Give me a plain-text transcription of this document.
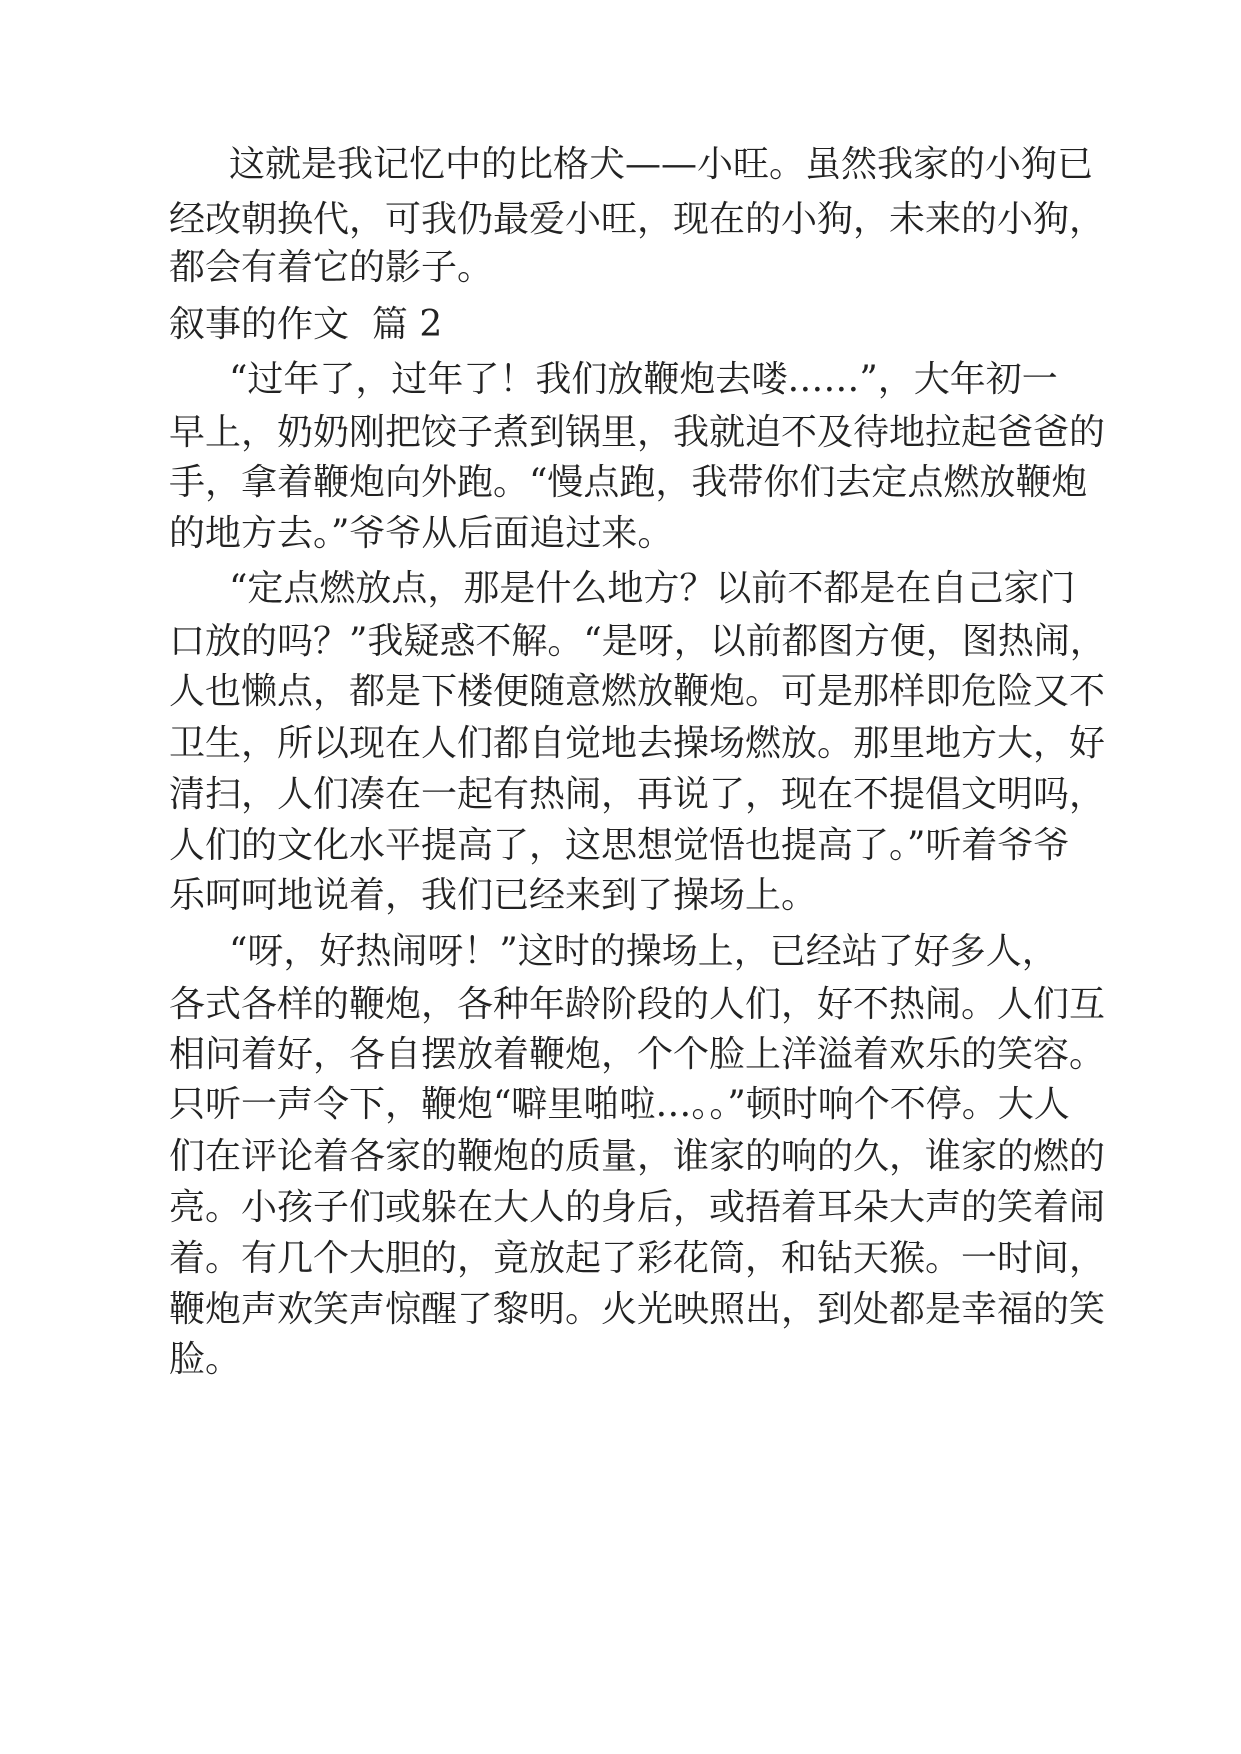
这就是我记忆中的比格犬——小旺。虽然我家的小狗已
经改朝换代，可我仍最爱小旺，现在的小狗，未来的小狗，
都会有着它的影子。
叙事的作文  篇 2
“过年了，过年了！我们放鞭炮去喽……”，大年初一
早上，奶奶刚把饺子煮到锅里，我就迫不及待地拉起爸爸的
手，拿着鞭炮向外跑。“慢点跑，我带你们去定点燃放鞭炮
的地方去。”爷爷从后面追过来。
“定点燃放点，那是什么地方？以前不都是在自己家门
口放的吗？”我疑惑不解。“是呀，以前都图方便，图热闹，
人也懒点，都是下楼便随意燃放鞭炮。可是那样即危险又不
卫生，所以现在人们都自觉地去操场燃放。那里地方大，好
清扫，人们凑在一起有热闹，再说了，现在不提倡文明吗，
人们的文化水平提高了，这思想觉悟也提高了。”听着爷爷
乐呵呵地说着，我们已经来到了操场上。
“呀，好热闹呀！”这时的操场上，已经站了好多人，
各式各样的鞭炮，各种年龄阶段的人们，好不热闹。人们互
相问着好，各自摆放着鞭炮，个个脸上洋溢着欢乐的笑容。
只听一声令下，鞭炮“噼里啪啦…。。”顿时响个不停。大人
们在评论着各家的鞭炮的质量，谁家的响的久，谁家的燃的
亮。小孩子们或躲在大人的身后，或捂着耳朵大声的笑着闹
着。有几个大胆的，竟放起了彩花筒，和钻天猴。一时间，
鞭炮声欢笑声惊醒了黎明。火光映照出，到处都是幸福的笑
脸。
